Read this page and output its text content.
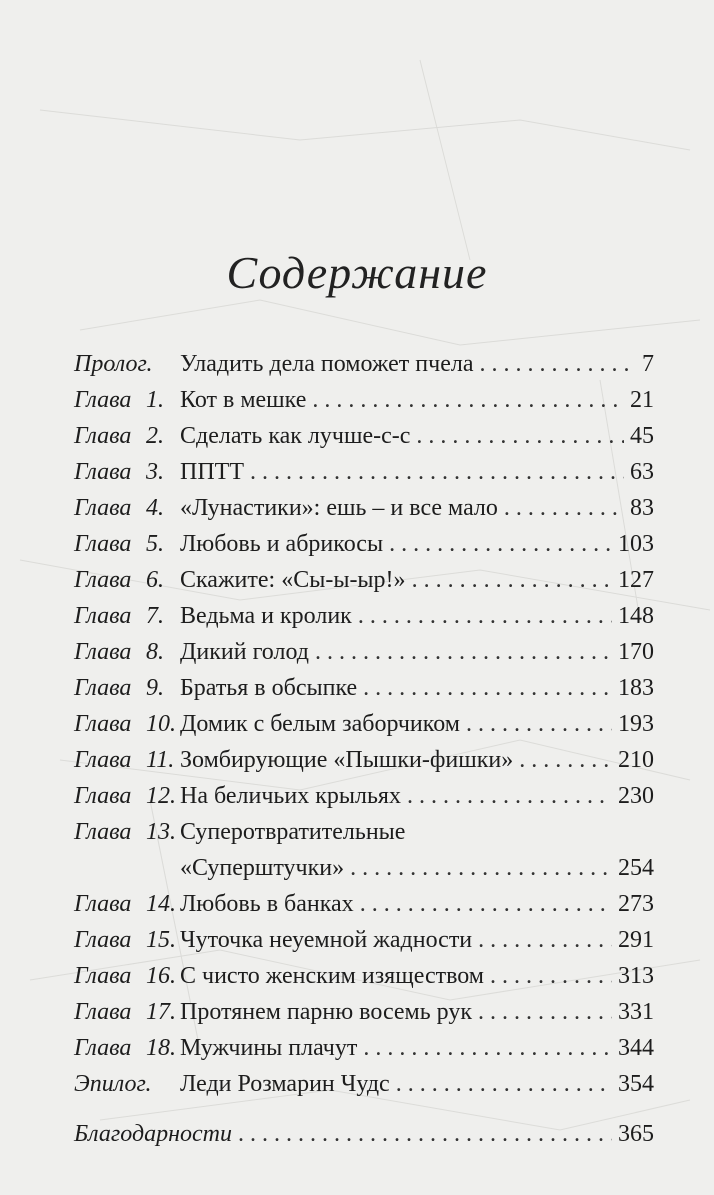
Содержание
Пролог. Уладить дела поможет пчела . . .	7
Глава 1. Кот в мешке . . .	21
Глава 2. Сделать как лучше-с-с . . .	45
Глава 3. ППТТ . . .	63
Глава 4. «Лунастики»: ешь – и все мало . . .	83
Глава 5. Любовь и абрикосы . . .	103
Глава 6. Скажите: «Сы-ы-ыр!» . . .	127
Глава 7. Ведьма и кролик . . .	148
Глава 8. Дикий голод . . .	170
Глава 9. Братья в обсыпке . . .	183
Глава 10. Домик с белым заборчиком . . .	193
Глава 11. Зомбирующие «Пышки-фишки» . . .	210
Глава 12. На беличьих крыльях . . .	230
Глава 13. Суперотвратительные
«Суперштучки» . . .	254
Глава 14. Любовь в банках . . .	273
Глава 15. Чуточка неуемной жадности . . .	291
Глава 16. С чисто женским изяществом . . .	313
Глава 17. Протянем парню восемь рук . . .	331
Глава 18. Мужчины плачут . . .	344
Эпилог. Леди Розмарин Чудс . . .	354
Благодарности . . .	365
